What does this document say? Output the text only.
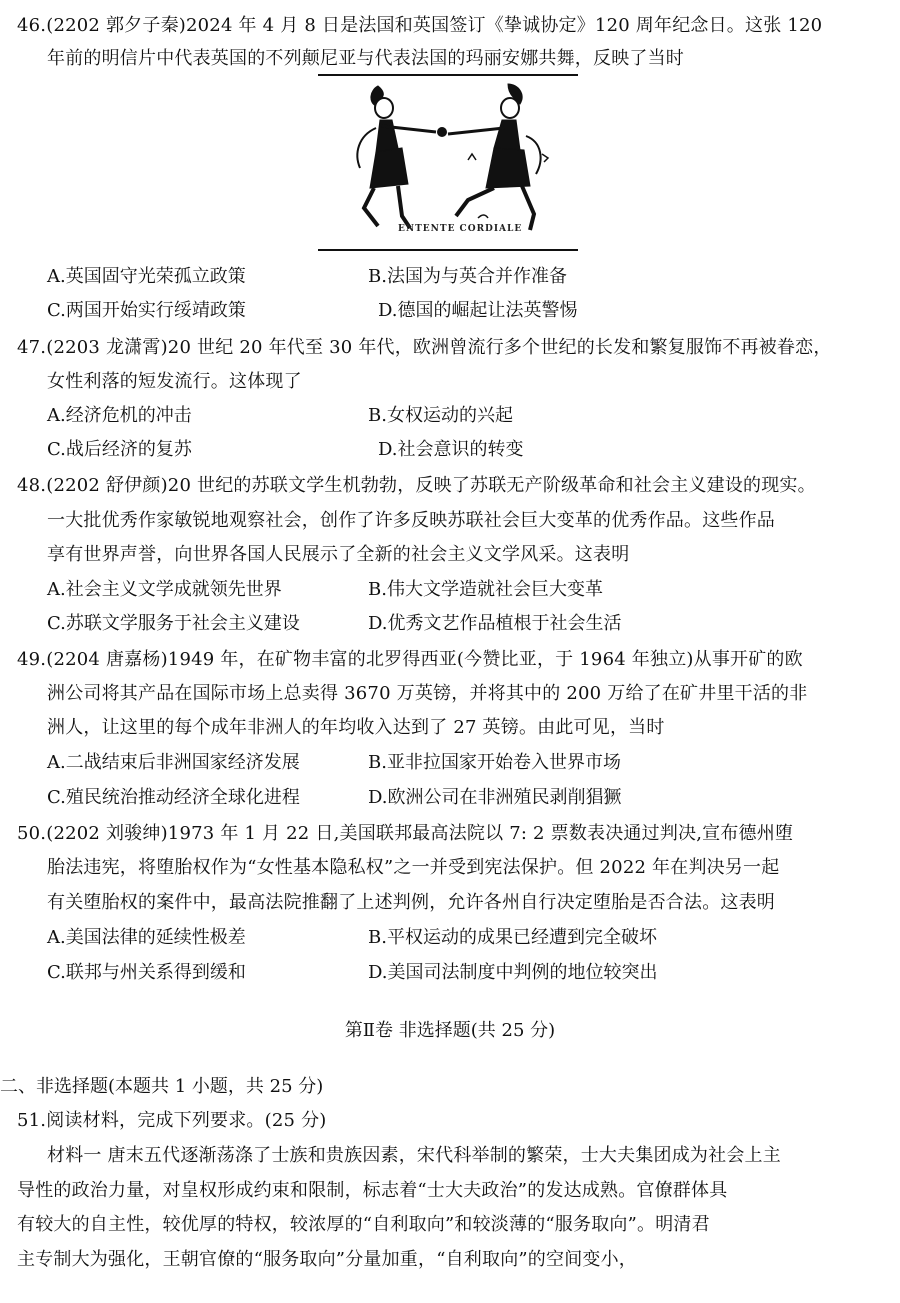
46.(2202 郭夕子秦)2024 年 4 月 8 日是法国和英国签订《挚诚协定》120 周年纪念日。这张 120
年前的明信片中代表英国的不列颠尼亚与代表法国的玛丽安娜共舞，反映了当时
ENTENTE CORDIALE
A.英国固守光荣孤立政策	B.法国为与英合并作准备
C.两国开始实行绥靖政策	D.德国的崛起让法英警惕
47.(2203 龙潇霄)20 世纪 20 年代至 30 年代，欧洲曾流行多个世纪的长发和繁复服饰不再被眷恋，
女性利落的短发流行。这体现了
A.经济危机的冲击	B.女权运动的兴起
C.战后经济的复苏	D.社会意识的转变
48.(2202 舒伊颜)20 世纪的苏联文学生机勃勃，反映了苏联无产阶级革命和社会主义建设的现实。
一大批优秀作家敏锐地观察社会，创作了许多反映苏联社会巨大变革的优秀作品。这些作品
享有世界声誉，向世界各国人民展示了全新的社会主义文学风采。这表明
A.社会主义文学成就领先世界	B.伟大文学造就社会巨大变革
C.苏联文学服务于社会主义建设	D.优秀文艺作品植根于社会生活
49.(2204 唐嘉杨)1949 年，在矿物丰富的北罗得西亚(今赞比亚，于 1964 年独立)从事开矿的欧
洲公司将其产品在国际市场上总卖得 3670 万英镑，并将其中的 200 万给了在矿井里干活的非
洲人，让这里的每个成年非洲人的年均收入达到了 27 英镑。由此可见，当时
A.二战结束后非洲国家经济发展	B.亚非拉国家开始卷入世界市场
C.殖民统治推动经济全球化进程	D.欧洲公司在非洲殖民剥削猖獗
50.(2202 刘骏绅)1973 年 1 月 22 日,美国联邦最高法院以 7: 2 票数表决通过判决,宣布德州堕
胎法违宪，将堕胎权作为“女性基本隐私权”之一并受到宪法保护。但 2022 年在判决另一起
有关堕胎权的案件中，最高法院推翻了上述判例，允许各州自行决定堕胎是否合法。这表明
A.美国法律的延续性极差	B.平权运动的成果已经遭到完全破坏
C.联邦与州关系得到缓和	D.美国司法制度中判例的地位较突出
第Ⅱ卷 非选择题(共 25 分)
二、非选择题(本题共 1 小题，共 25 分)
51.阅读材料，完成下列要求。(25 分)
材料一 唐末五代逐渐荡涤了士族和贵族因素，宋代科举制的繁荣，士大夫集团成为社会上主
导性的政治力量，对皇权形成约束和限制，标志着“士大夫政治”的发达成熟。官僚群体具
有较大的自主性，较优厚的特权，较浓厚的“自利取向”和较淡薄的“服务取向”。明清君
主专制大为强化，王朝官僚的“服务取向”分量加重，“自利取向”的空间变小，
